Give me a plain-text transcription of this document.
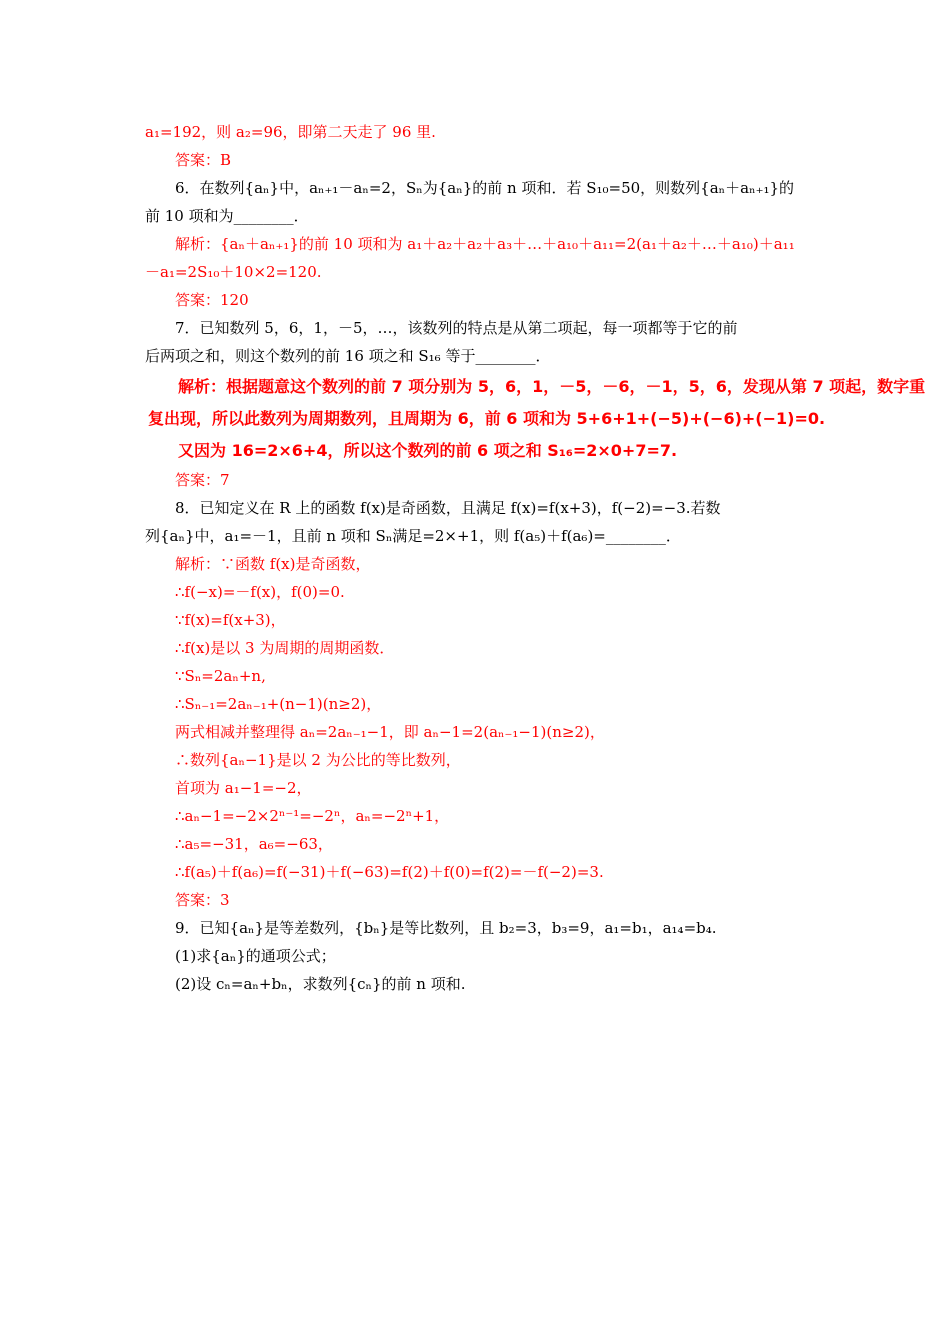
a₁=192，则 a₂=96，即第二天走了 96 里.
答案：B
6．在数列{aₙ}中，aₙ₊₁－aₙ=2，Sₙ为{aₙ}的前 n 项和．若 S₁₀=50，则数列{aₙ＋aₙ₊₁}的
前 10 项和为________．
解析：{aₙ＋aₙ₊₁}的前 10 项和为 a₁＋a₂＋a₂＋a₃＋…＋a₁₀＋a₁₁=2(a₁＋a₂＋…＋a₁₀)＋a₁₁
－a₁=2S₁₀＋10×2=120.
答案：120
7．已知数列 5，6，1，－5，…，该数列的特点是从第二项起，每一项都等于它的前
后两项之和，则这个数列的前 16 项之和 S₁₆ 等于________．
解析：根据题意这个数列的前 7 项分别为 5，6，1，－5，－6，－1，5，6，发现从第 7 项起，数字重
复出现，所以此数列为周期数列，且周期为 6，前 6 项和为 5+6+1+(−5)+(−6)+(−1)=0.
又因为 16=2×6+4，所以这个数列的前 6 项之和 S₁₆=2×0+7=7.
答案：7
8．已知定义在 R 上的函数 f(x)是奇函数，且满足 f(x)=f(x+3)，f(−2)=−3.若数
列{aₙ}中，a₁=－1，且前 n 项和 Sₙ满足=2×+1，则 f(a₅)＋f(a₆)=________．
解析：∵函数 f(x)是奇函数，
∴f(−x)=－f(x)，f(0)=0.
∵f(x)=f(x+3)，
∴f(x)是以 3 为周期的周期函数．
∵Sₙ=2aₙ+n,
∴Sₙ₋₁=2aₙ₋₁+(n−1)(n≥2)，
两式相减并整理得 aₙ=2aₙ₋₁−1，即 aₙ−1=2(aₙ₋₁−1)(n≥2)，
∴数列{aₙ−1}是以 2 为公比的等比数列，
首项为 a₁−1=−2，
∴aₙ−1=−2×2ⁿ⁻¹=−2ⁿ，aₙ=−2ⁿ+1，
∴a₅=−31，a₆=−63，
∴f(a₅)＋f(a₆)=f(−31)＋f(−63)=f(2)＋f(0)=f(2)=－f(−2)=3.
答案：3
9．已知{aₙ}是等差数列，{bₙ}是等比数列，且 b₂=3，b₃=9，a₁=b₁，a₁₄=b₄.
(1)求{aₙ}的通项公式；
(2)设 cₙ=aₙ+bₙ，求数列{cₙ}的前 n 项和.
